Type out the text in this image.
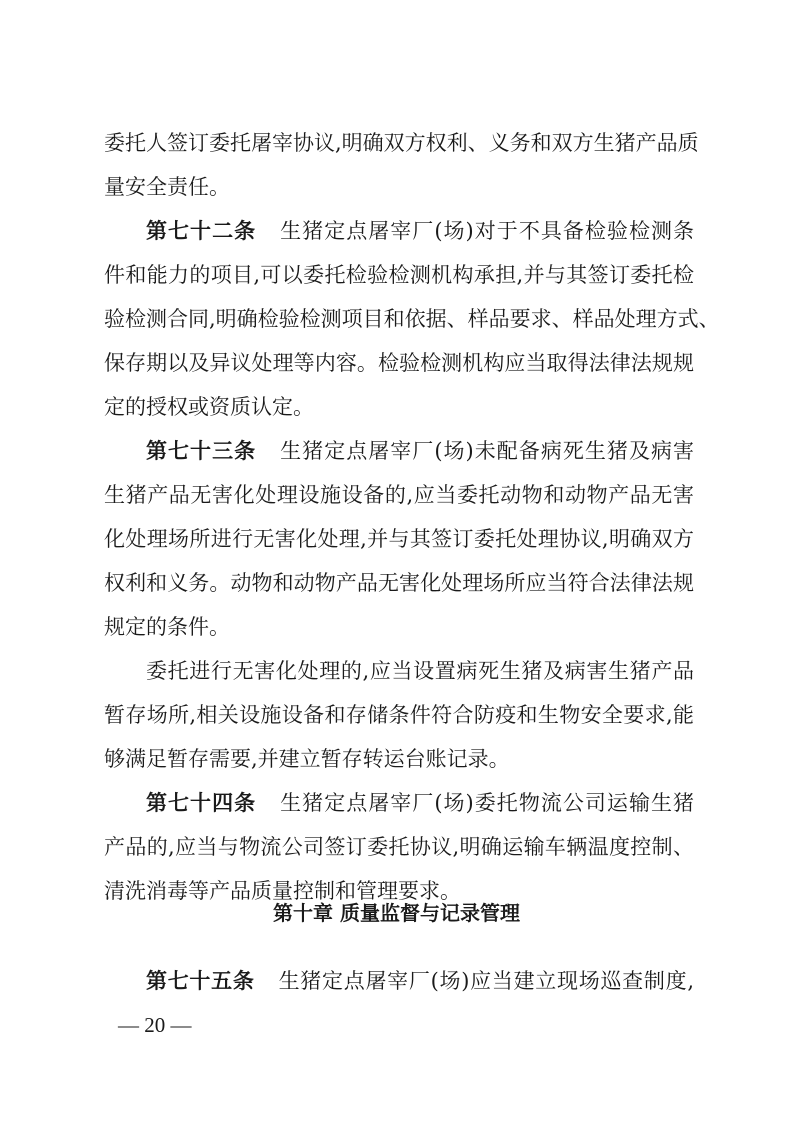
委托人签订委托屠宰协议,明确双方权利、义务和双方生猪产品质
量安全责任。
第七十二条 生猪定点屠宰厂(场)对于不具备检验检测条
件和能力的项目,可以委托检验检测机构承担,并与其签订委托检
验检测合同,明确检验检测项目和依据、样品要求、样品处理方式、
保存期以及异议处理等内容。检验检测机构应当取得法律法规规
定的授权或资质认定。
第七十三条 生猪定点屠宰厂(场)未配备病死生猪及病害
生猪产品无害化处理设施设备的,应当委托动物和动物产品无害
化处理场所进行无害化处理,并与其签订委托处理协议,明确双方
权利和义务。动物和动物产品无害化处理场所应当符合法律法规
规定的条件。
委托进行无害化处理的,应当设置病死生猪及病害生猪产品
暂存场所,相关设施设备和存储条件符合防疫和生物安全要求,能
够满足暂存需要,并建立暂存转运台账记录。
第七十四条 生猪定点屠宰厂(场)委托物流公司运输生猪
产品的,应当与物流公司签订委托协议,明确运输车辆温度控制、
清洗消毒等产品质量控制和管理要求。
第十章 质量监督与记录管理
第七十五条 生猪定点屠宰厂(场)应当建立现场巡查制度,
— 20 —
